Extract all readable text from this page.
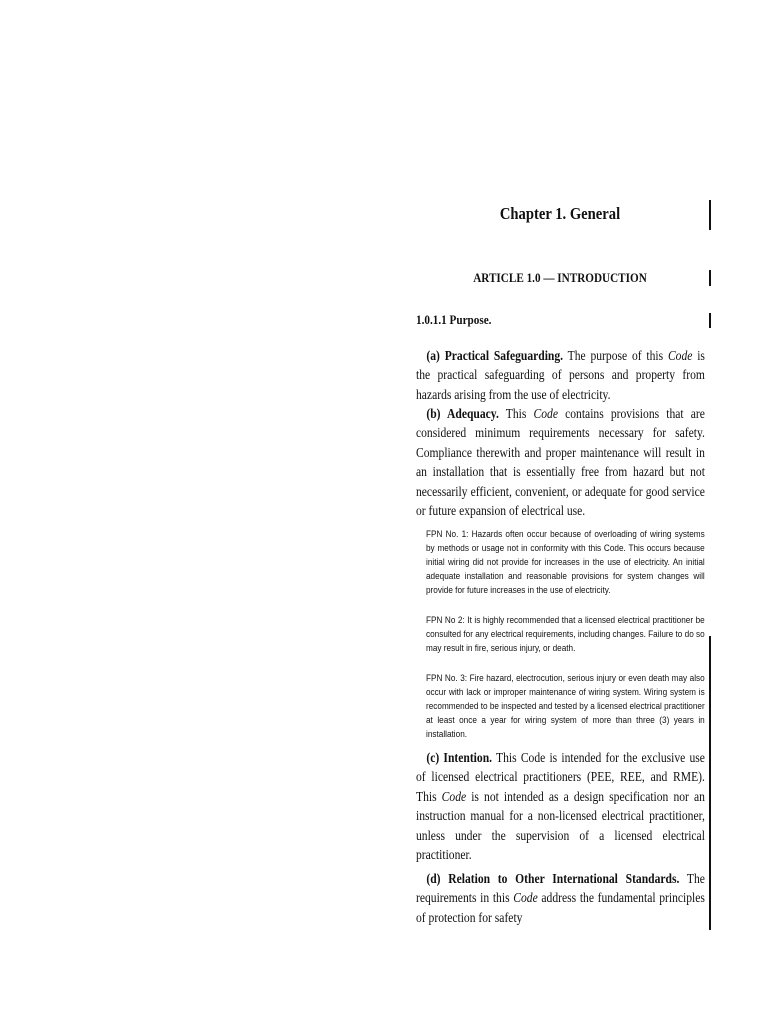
Chapter 1. General
ARTICLE 1.0 — INTRODUCTION
1.0.1.1 Purpose.
(a) Practical Safeguarding. The purpose of this Code is the practical safeguarding of persons and property from hazards arising from the use of electricity.
(b) Adequacy. This Code contains provisions that are considered minimum requirements necessary for safety. Compliance therewith and proper maintenance will result in an installation that is essentially free from hazard but not necessarily efficient, convenient, or adequate for good service or future expansion of electrical use.
FPN No. 1: Hazards often occur because of overloading of wiring systems by methods or usage not in conformity with this Code. This occurs because initial wiring did not provide for increases in the use of electricity. An initial adequate installation and reasonable provisions for system changes will provide for future increases in the use of electricity.
FPN No 2: It is highly recommended that a licensed electrical practitioner be consulted for any electrical requirements, including changes. Failure to do so may result in fire, serious injury, or death.
FPN No. 3: Fire hazard, electrocution, serious injury or even death may also occur with lack or improper maintenance of wiring system. Wiring system is recommended to be inspected and tested by a licensed electrical practitioner at least once a year for wiring system of more than three (3) years in installation.
(c) Intention. This Code is intended for the exclusive use of licensed electrical practitioners (PEE, REE, and RME). This Code is not intended as a design specification nor an instruction manual for a non-licensed electrical practitioner, unless under the supervision of a licensed electrical practitioner.
(d) Relation to Other International Standards. The requirements in this Code address the fundamental principles of protection for safety
